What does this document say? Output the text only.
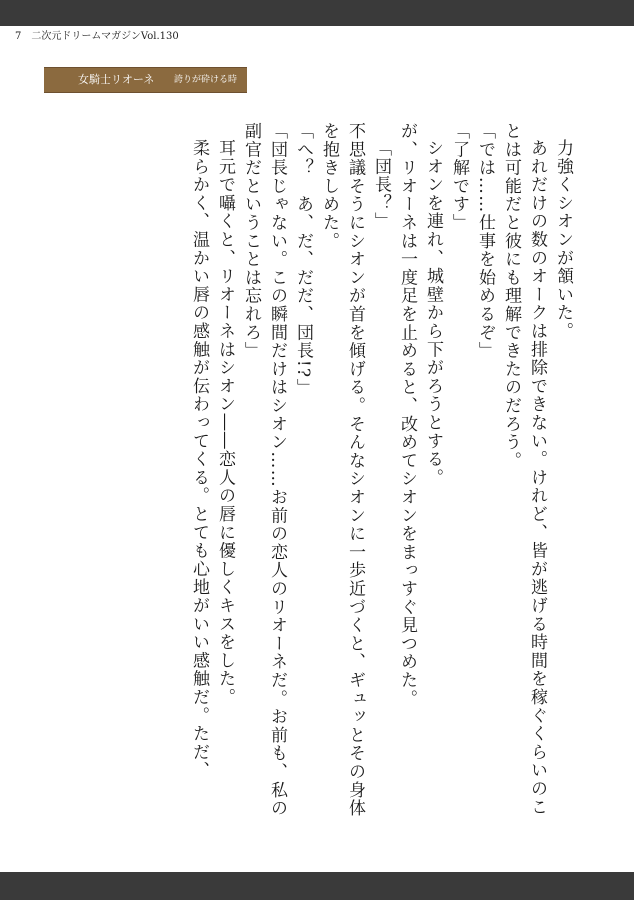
7 二次元ドリームマガジンVol.130
女騎士リオーネ 誇りが砕ける時

力強くシオンが頷いた。

あれだけの数のオークは排除できない。けれど、皆が逃げる時間を稼ぐくらいのことは可能だと彼にも理解できたのだろう。

「では……仕事を始めるぞ」

「了解です」

シオンを連れ、城壁から下がろうとする。

が、リオーネは一度足を止めると、改めてシオンをまっすぐ見つめた。

「団長？」

不思議そうにシオンが首を傾げる。そんなシオンに一歩近づくと、ギュッとその身体を抱きしめた。

「へ？　あ、だ、だだ、団長!?」

「団長じゃない。この瞬間だけはシオン……お前の恋人のリオーネだ。お前も、私の副官だということは忘れろ」

耳元で囁くと、リオーネはシオン――恋人の唇に優しくキスをした。

柔らかく、温かい唇の感触が伝わってくる。とても心地がいい感触だ。ただ、
